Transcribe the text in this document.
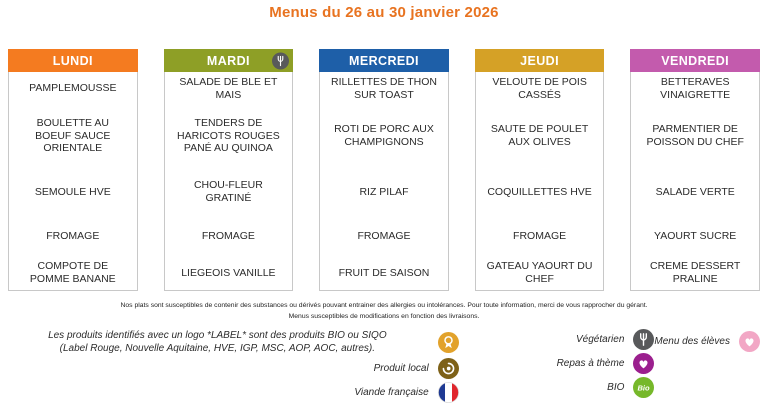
Menus du 26 au 30 janvier 2026
LUNDI
PAMPLEMOUSSE
BOULETTE AU BOEUF SAUCE ORIENTALE
SEMOULE HVE
FROMAGE
COMPOTE DE POMME BANANE
MARDI
SALADE DE BLE ET MAIS
TENDERS DE HARICOTS ROUGES PANÉ AU QUINOA
CHOU-FLEUR GRATINÉ
FROMAGE
LIEGEOIS VANILLE
MERCREDI
RILLETTES DE THON SUR TOAST
ROTI DE PORC AUX CHAMPIGNONS
RIZ PILAF
FROMAGE
FRUIT DE SAISON
JEUDI
VELOUTE DE POIS CASSÉS
SAUTE DE POULET AUX OLIVES
COQUILLETTES HVE
FROMAGE
GATEAU YAOURT DU CHEF
VENDREDI
BETTERAVES VINAIGRETTE
PARMENTIER DE POISSON DU CHEF
SALADE VERTE
YAOURT SUCRE
CREME DESSERT PRALINE
Nos plats sont susceptibles de contenir des substances ou dérivés pouvant entrainer des allergies ou intolérances. Pour toute information, merci de vous rapprocher du gérant.
Menus susceptibles de modifications en fonction des livraisons.
Les produits identifiés avec un logo *LABEL* sont des produits BIO ou SIQO
(Label Rouge, Nouvelle Aquitaine, HVE, IGP, MSC, AOP, AOC, autres).
Produit local
Viande française
Végétarien
Repas à thème
BIO Bio
Menu des élèves
